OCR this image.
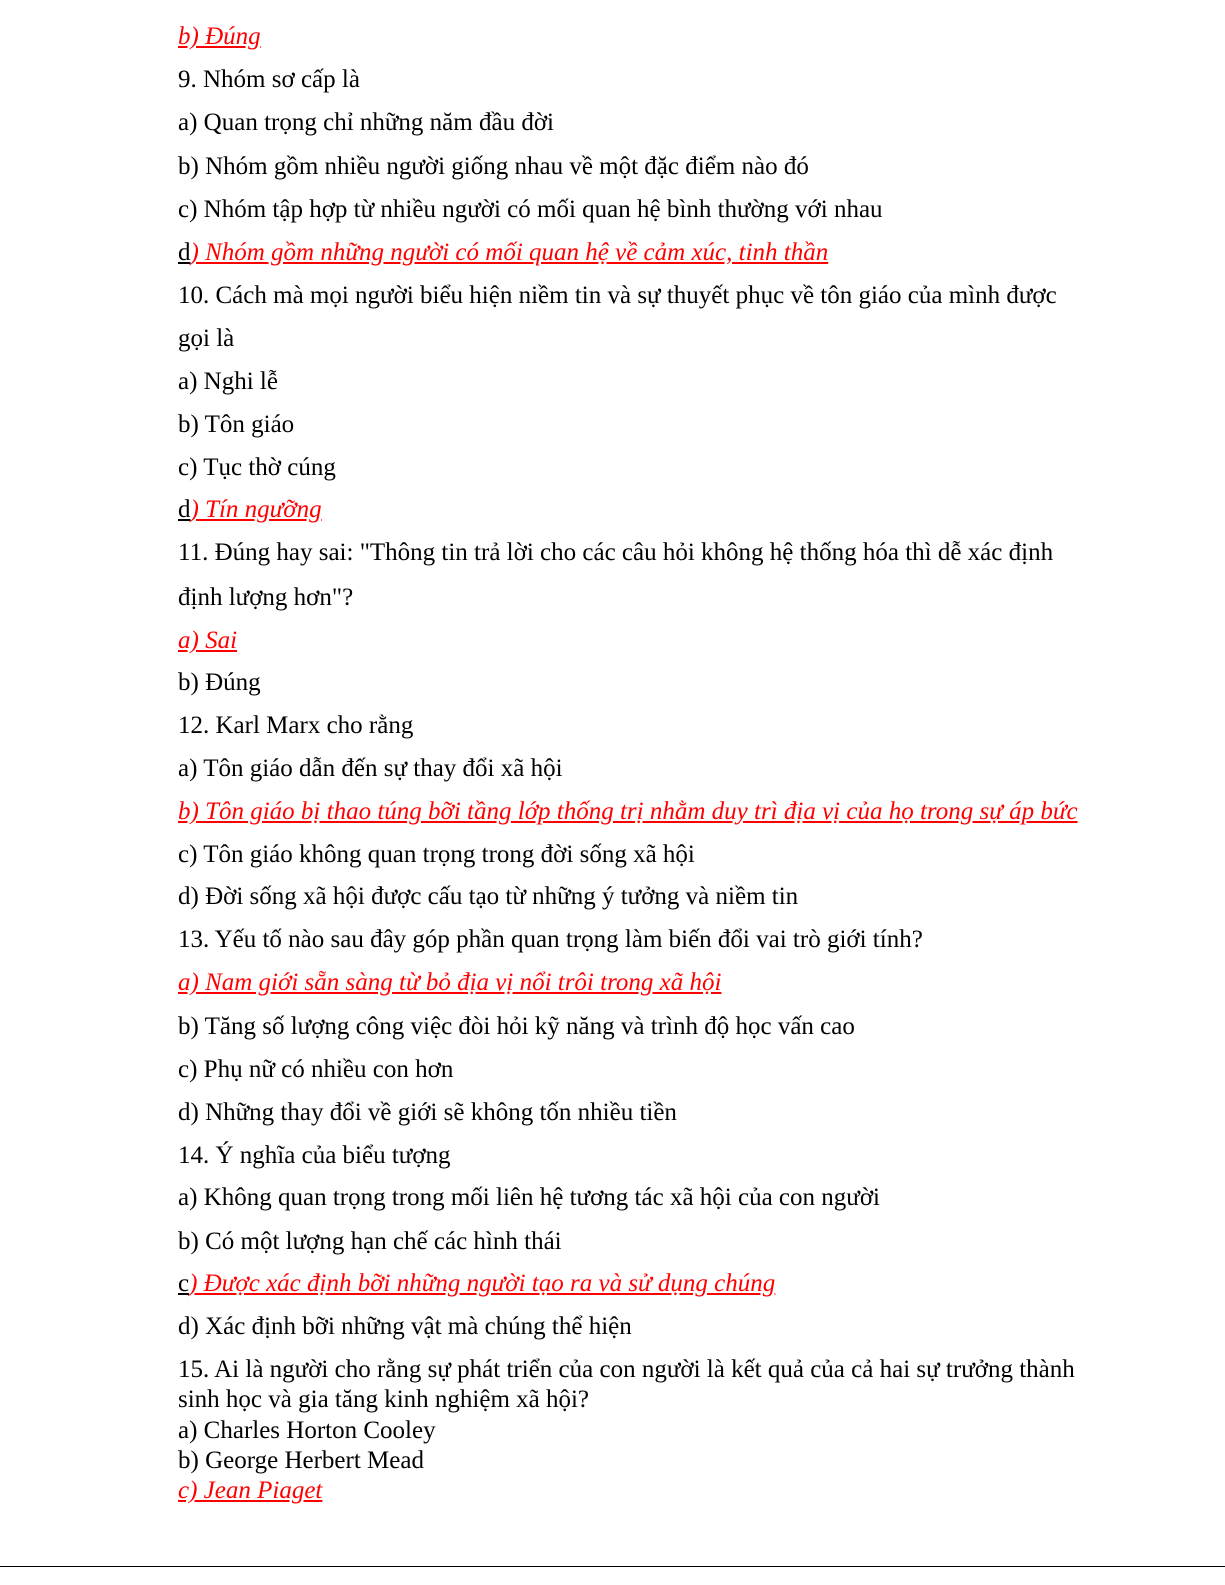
b) Đúng
9. Nhóm sơ cấp là
a) Quan trọng chỉ những năm đầu đời
b) Nhóm gồm nhiều người giống nhau về một đặc điểm nào đó
c) Nhóm tập hợp từ nhiều người có mối quan hệ bình thường với nhau
d) Nhóm gồm những người có mối quan hệ về cảm xúc, tinh thần
10. Cách mà mọi người biểu hiện niềm tin và sự thuyết phục về tôn giáo của mình được
gọi là
a) Nghi lễ
b) Tôn giáo
c) Tục thờ cúng
d) Tín ngưỡng
11. Đúng hay sai: "Thông tin trả lời cho các câu hỏi không hệ thống hóa thì dễ xác định
định lượng hơn"?
a) Sai
b) Đúng
12. Karl Marx cho rằng
a) Tôn giáo dẫn đến sự thay đổi xã hội
b) Tôn giáo bị thao túng bỡi tầng lớp thống trị nhằm duy trì địa vị của họ trong sự áp bức
c) Tôn giáo không quan trọng trong đời sống xã hội
d) Đời sống xã hội được cấu tạo từ những ý tưởng và niềm tin
13. Yếu tố nào sau đây góp phần quan trọng làm biến đổi vai trò giới tính?
a) Nam giới sẵn sàng từ bỏ địa vị nổi trôi trong xã hội
b) Tăng số lượng công việc đòi hỏi kỹ năng và trình độ học vấn cao
c) Phụ nữ có nhiều con hơn
d) Những thay đổi về giới sẽ không tốn nhiều tiền
14. Ý nghĩa của biểu tượng
a) Không quan trọng trong mối liên hệ tương tác xã hội của con người
b) Có một lượng hạn chế các hình thái
c) Được xác định bỡi những người tạo ra và sử dụng chúng
d) Xác định bỡi những vật mà chúng thể hiện
15. Ai là người cho rằng sự phát triển của con người là kết quả của cả hai sự trưởng thành
sinh học và gia tăng kinh nghiệm xã hội?
a) Charles Horton Cooley
b) George Herbert Mead
c) Jean Piaget
